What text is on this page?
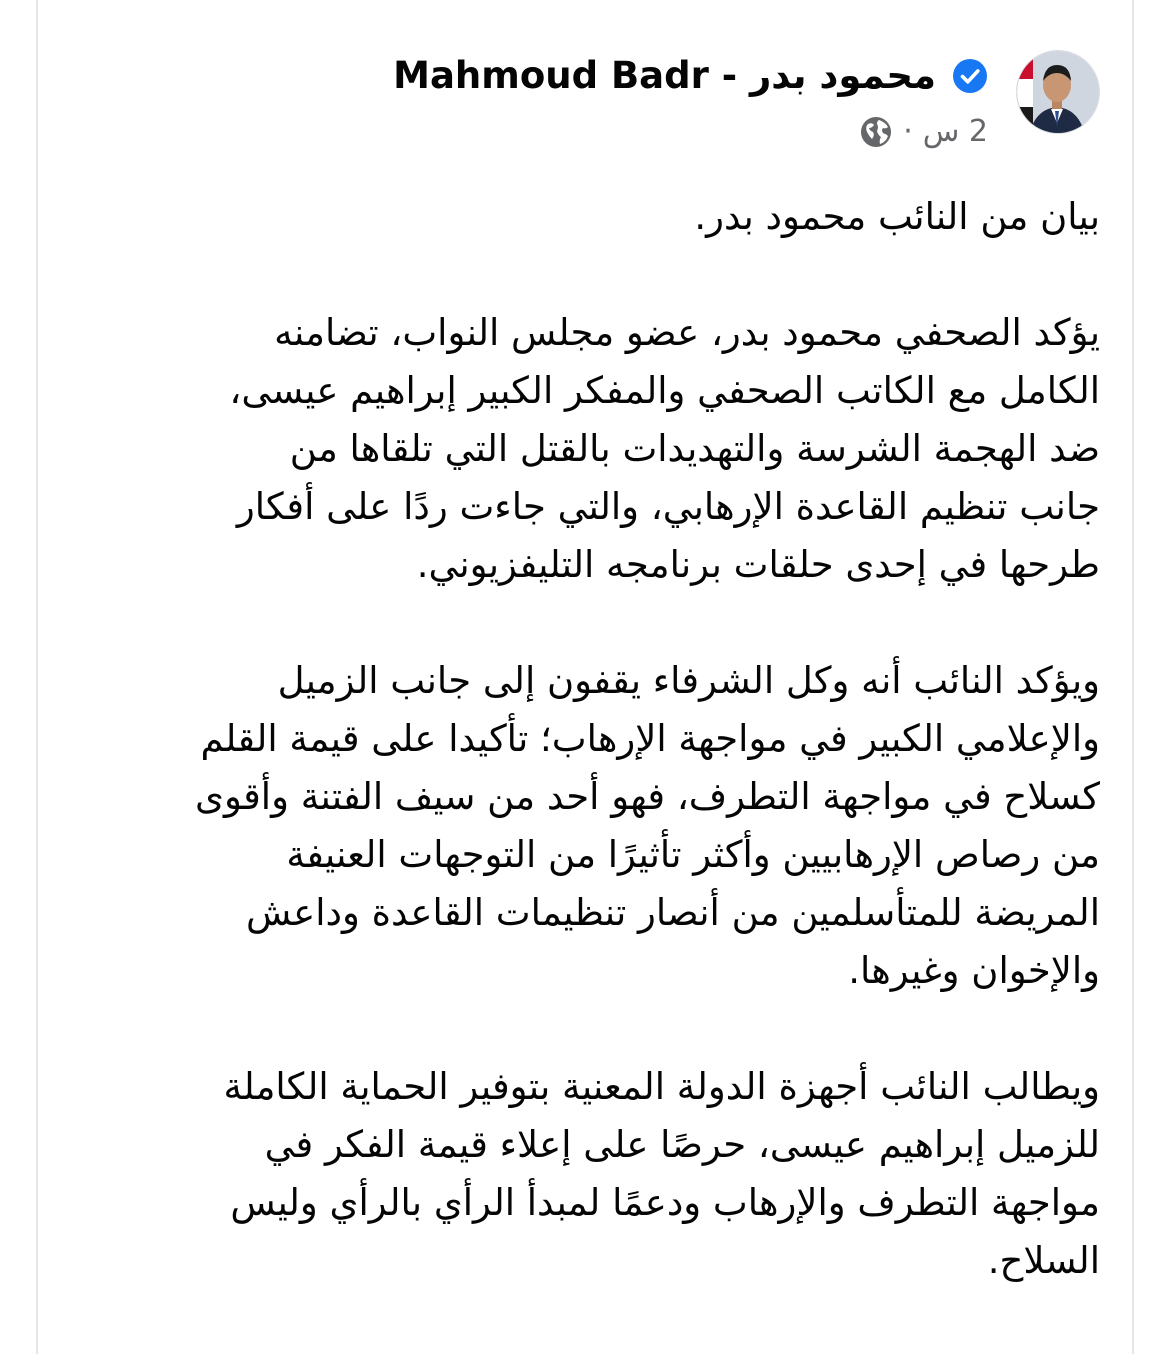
Mahmoud Badr - محمود بدر
2 س
·

بيان من النائب محمود بدر.

يؤكد الصحفي محمود بدر، عضو مجلس النواب، تضامنه
الكامل مع الكاتب الصحفي والمفكر الكبير إبراهيم عيسى،
ضد الهجمة الشرسة والتهديدات بالقتل التي تلقاها من
جانب تنظيم القاعدة الإرهابي، والتي جاءت ردًا على أفكار
طرحها في إحدى حلقات برنامجه التليفزيوني.

ويؤكد النائب أنه وكل الشرفاء يقفون إلى جانب الزميل
والإعلامي الكبير في مواجهة الإرهاب؛ تأكيدا على قيمة القلم
كسلاح في مواجهة التطرف، فهو أحد من سيف الفتنة وأقوى
من رصاص الإرهابيين وأكثر تأثيرًا من التوجهات العنيفة
المريضة للمتأسلمين من أنصار تنظيمات القاعدة وداعش
والإخوان وغيرها.

ويطالب النائب أجهزة الدولة المعنية بتوفير الحماية الكاملة
للزميل إبراهيم عيسى، حرصًا على إعلاء قيمة الفكر في
مواجهة التطرف والإرهاب ودعمًا لمبدأ الرأي بالرأي وليس
السلاح.
